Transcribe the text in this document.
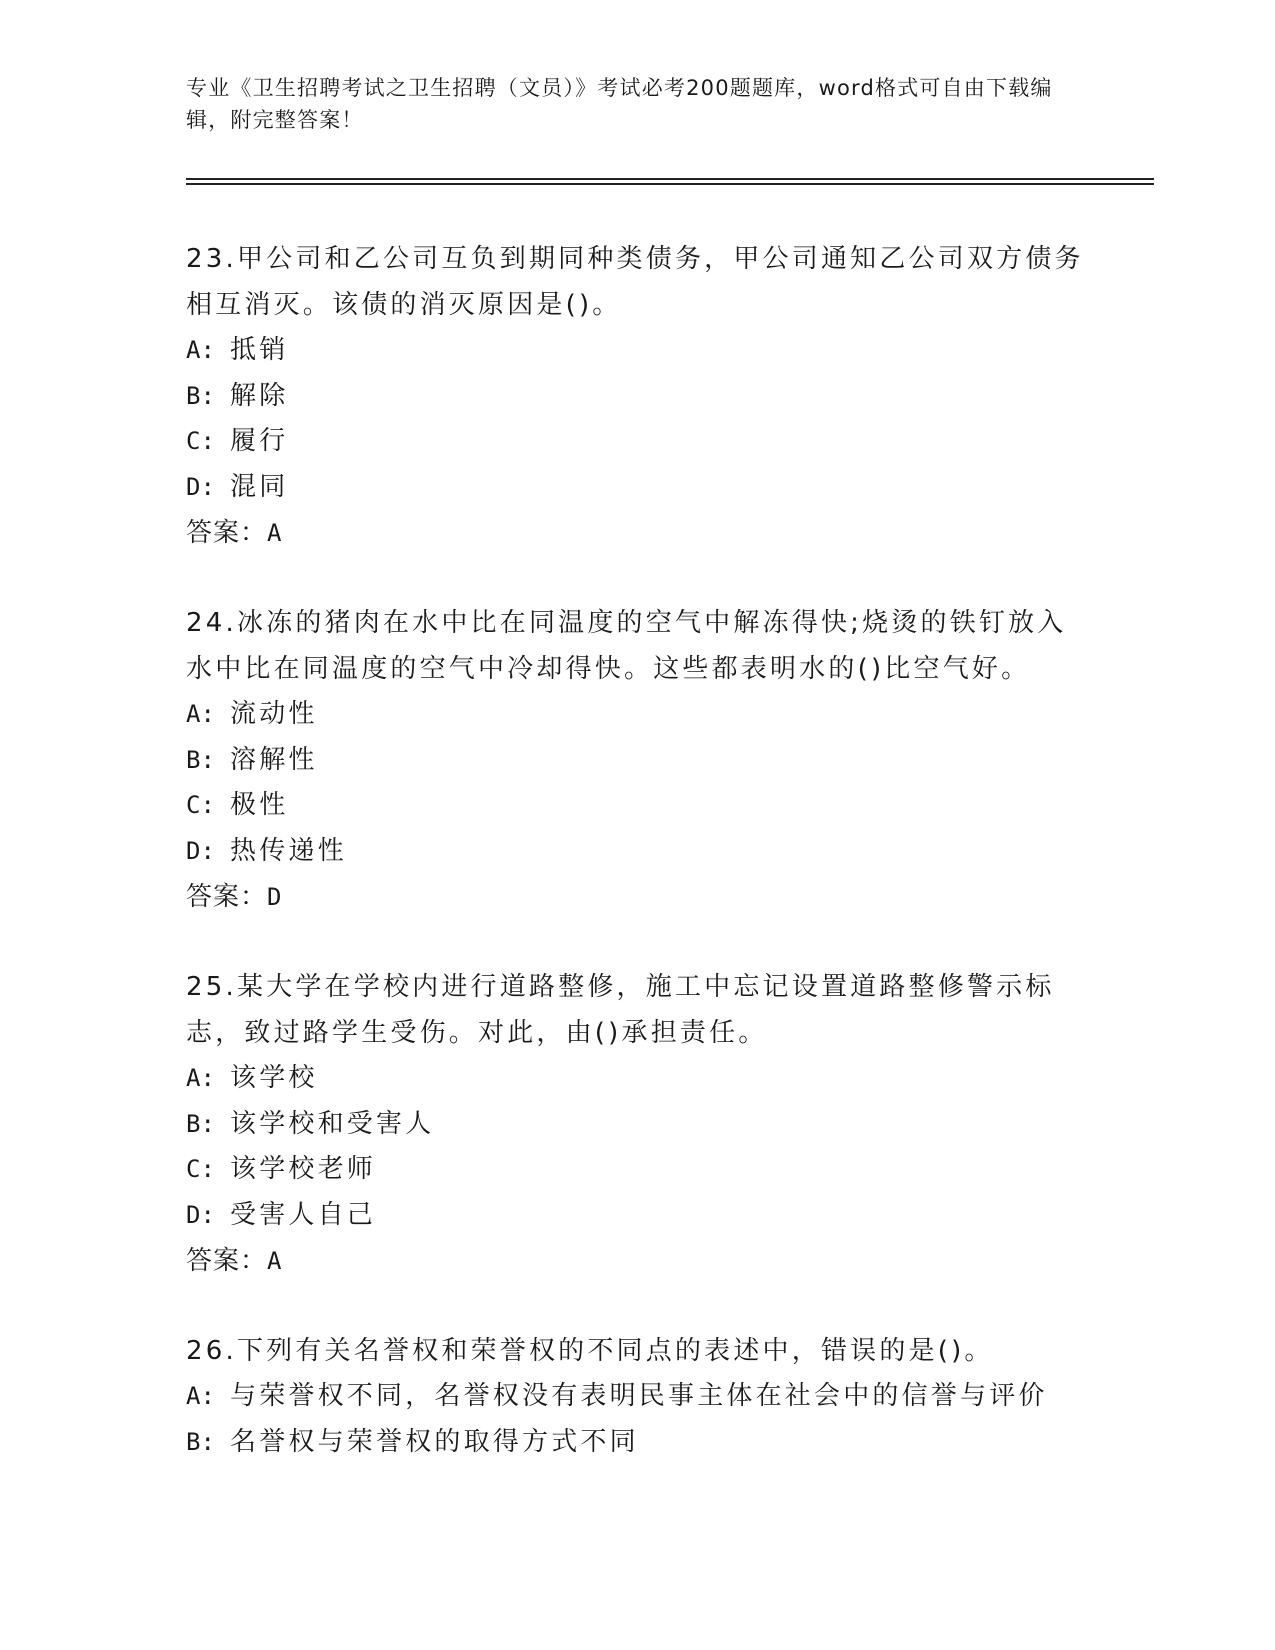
专业《卫生招聘考试之卫生招聘（文员）》考试必考200题题库，word格式可自由下载编辑，附完整答案！

23.甲公司和乙公司互负到期同种类债务，甲公司通知乙公司双方债务相互消灭。该债的消灭原因是()。

A: 抵销

B: 解除

C: 履行

D: 混同

答案：A

24.冰冻的猪肉在水中比在同温度的空气中解冻得快;烧烫的铁钉放入水中比在同温度的空气中冷却得快。这些都表明水的()比空气好。

A: 流动性

B: 溶解性

C: 极性

D: 热传递性

答案：D

25.某大学在学校内进行道路整修，施工中忘记设置道路整修警示标志，致过路学生受伤。对此，由()承担责任。

A: 该学校

B: 该学校和受害人

C: 该学校老师

D: 受害人自己

答案：A

26.下列有关名誉权和荣誉权的不同点的表述中，错误的是()。

A: 与荣誉权不同，名誉权没有表明民事主体在社会中的信誉与评价

B: 名誉权与荣誉权的取得方式不同
